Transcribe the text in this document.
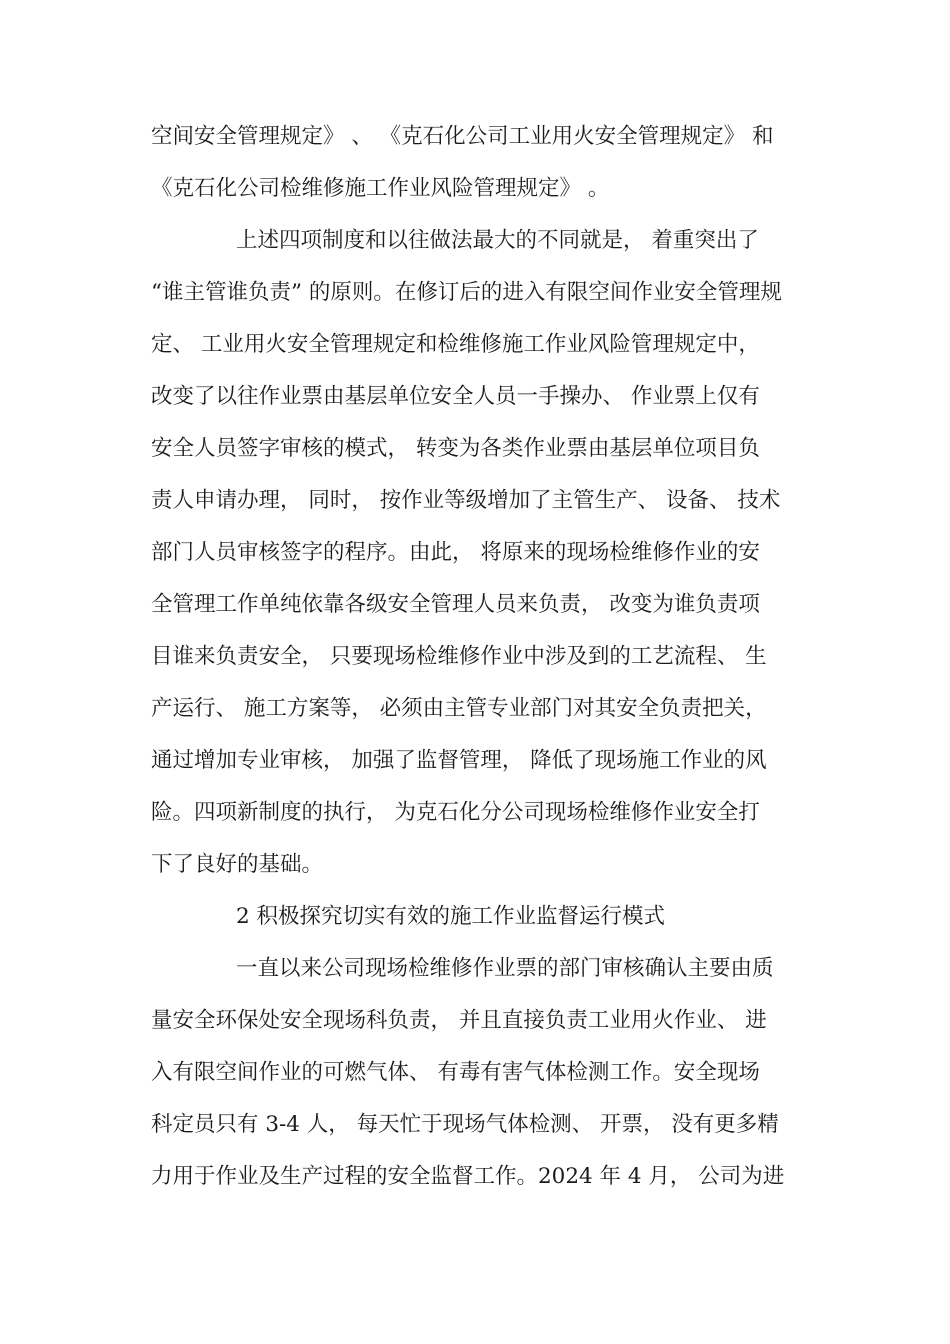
空间安全管理规定》 、 《克石化公司工业用火安全管理规定》 和
《克石化公司检维修施工作业风险管理规定》 。
上述四项制度和以往做法最大的不同就是， 着重突出了
“谁主管谁负责” 的原则。在修订后的进入有限空间作业安全管理规
定、 工业用火安全管理规定和检维修施工作业风险管理规定中，
改变了以往作业票由基层单位安全人员一手操办、 作业票上仅有
安全人员签字审核的模式， 转变为各类作业票由基层单位项目负
责人申请办理， 同时， 按作业等级增加了主管生产、 设备、 技术
部门人员审核签字的程序。由此， 将原来的现场检维修作业的安
全管理工作单纯依靠各级安全管理人员来负责， 改变为谁负责项
目谁来负责安全， 只要现场检维修作业中涉及到的工艺流程、 生
产运行、 施工方案等， 必须由主管专业部门对其安全负责把关，
通过增加专业审核， 加强了监督管理， 降低了现场施工作业的风
险。四项新制度的执行， 为克石化分公司现场检维修作业安全打
下了良好的基础。
2 积极探究切实有效的施工作业监督运行模式
一直以来公司现场检维修作业票的部门审核确认主要由质
量安全环保处安全现场科负责， 并且直接负责工业用火作业、 进
入有限空间作业的可燃气体、 有毒有害气体检测工作。安全现场
科定员只有 3-4 人， 每天忙于现场气体检测、 开票， 没有更多精
力用于作业及生产过程的安全监督工作。2024 年 4 月， 公司为进
